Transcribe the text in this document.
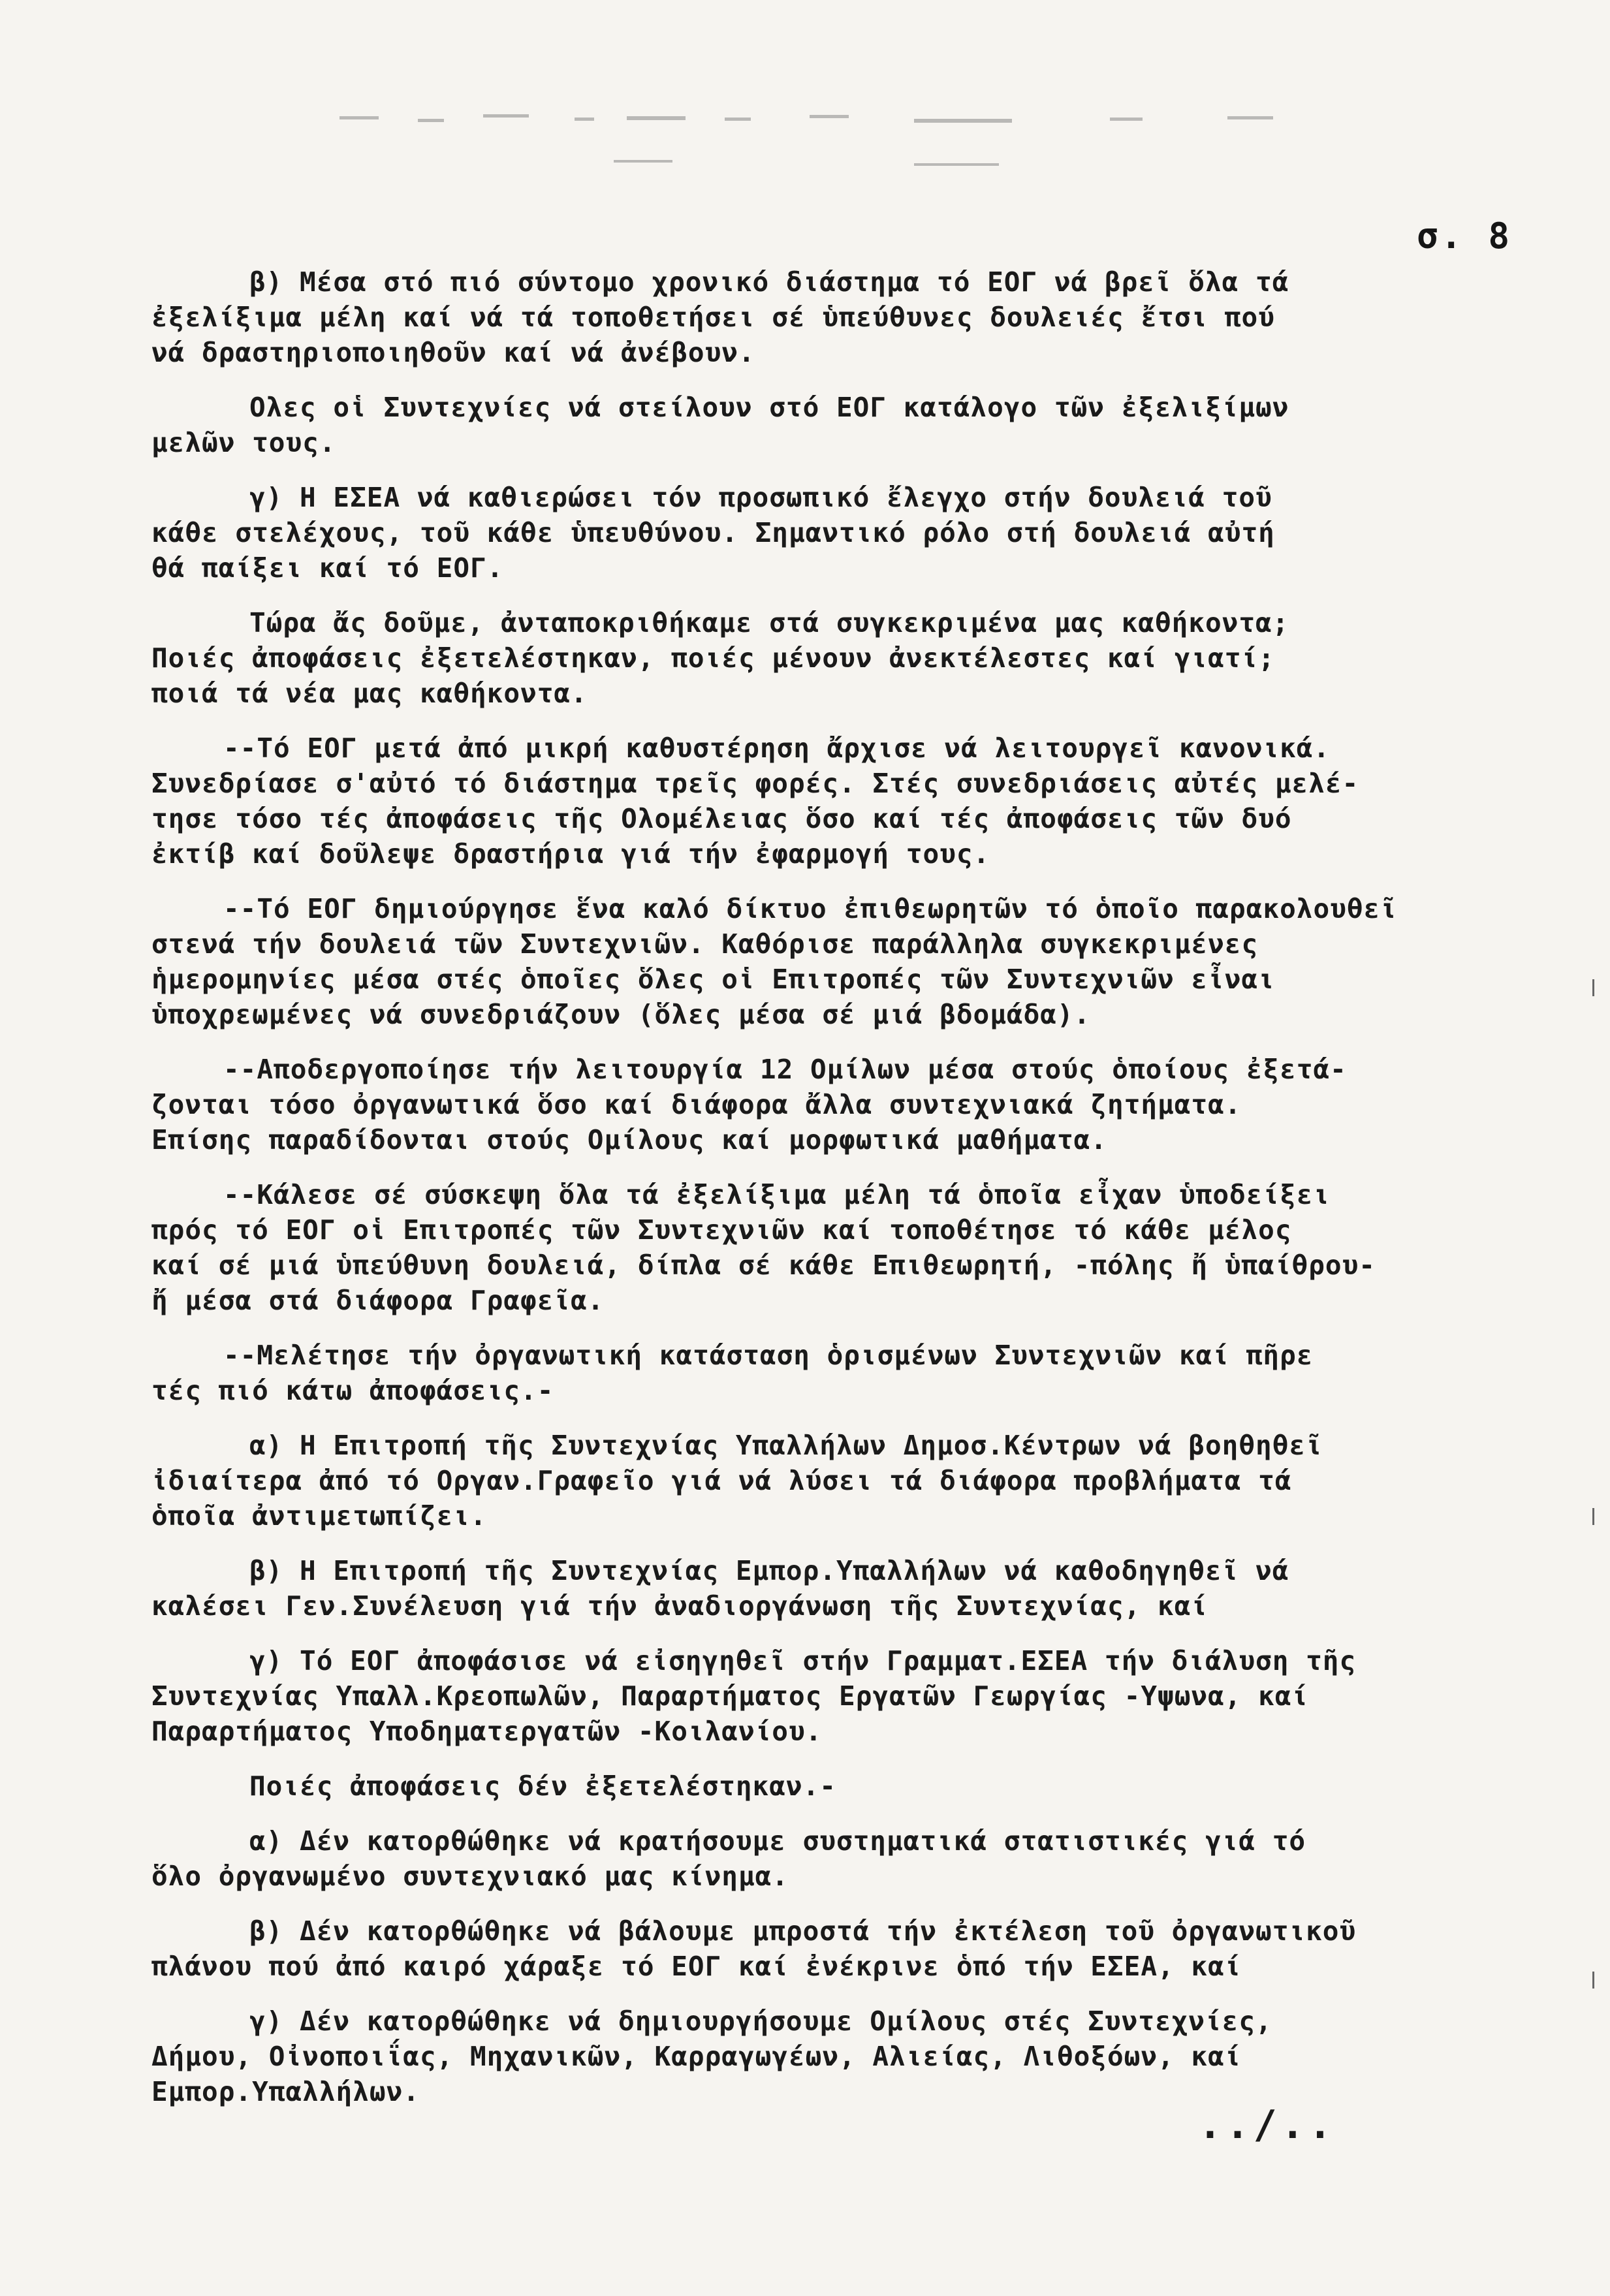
σ. 8
β) Μέσα στό πιό σύντομο χρονικό διάστημα τό ΕΟΓ νά βρεῖ ὅλα τά
ἐξελίξιμα μέλη καί νά τά τοποθετήσει σέ ὑπεύθυνες δουλειές ἔτσι πού
νά δραστηριοποιηθοῦν καί νά ἀνέβουν.
Ολες οἱ Συντεχνίες νά στείλουν στό ΕΟΓ κατάλογο τῶν ἐξελιξίμων
μελῶν τους.
γ) Η ΕΣΕΑ νά καθιερώσει τόν προσωπικό ἔλεγχο στήν δουλειά τοῦ
κάθε στελέχους, τοῦ κάθε ὑπευθύνου. Σημαντικό ρόλο στή δουλειά αὐτή
θά παίξει καί τό ΕΟΓ.
Τώρα ἄς δοῦμε, ἀνταποκριθήκαμε στά συγκεκριμένα μας καθήκοντα;
Ποιές ἀποφάσεις ἐξετελέστηκαν, ποιές μένουν ἀνεκτέλεστες καί γιατί;
ποιά τά νέα μας καθήκοντα.
--Τό ΕΟΓ μετά ἀπό μικρή καθυστέρηση ἄρχισε νά λειτουργεῖ κανονικά.
Συνεδρίασε σ'αὐτό τό διάστημα τρεῖς φορές. Στές συνεδριάσεις αὐτές μελέ-
τησε τόσο τές ἀποφάσεις τῆς Ολομέλειας ὅσο καί τές ἀποφάσεις τῶν δυό
ἐκτίβ καί δοῦλεψε δραστήρια γιά τήν ἐφαρμογή τους.
--Τό ΕΟΓ δημιούργησε ἕνα καλό δίκτυο ἐπιθεωρητῶν τό ὁποῖο παρακολουθεῖ
στενά τήν δουλειά τῶν Συντεχνιῶν. Καθόρισε παράλληλα συγκεκριμένες
ἡμερομηνίες μέσα στές ὁποῖες ὅλες οἱ Επιτροπές τῶν Συντεχνιῶν εἶναι
ὑποχρεωμένες νά συνεδριάζουν (ὅλες μέσα σέ μιά βδομάδα).
--Αποδεργοποίησε τήν λειτουργία 12 Ομίλων μέσα στούς ὁποίους ἐξετά-
ζονται τόσο ὀργανωτικά ὅσο καί διάφορα ἄλλα συντεχνιακά ζητήματα.
Επίσης παραδίδονται στούς Ομίλους καί μορφωτικά μαθήματα.
--Κάλεσε σέ σύσκεψη ὅλα τά ἐξελίξιμα μέλη τά ὁποῖα εἶχαν ὑποδείξει
πρός τό ΕΟΓ οἱ Επιτροπές τῶν Συντεχνιῶν καί τοποθέτησε τό κάθε μέλος
καί σέ μιά ὑπεύθυνη δουλειά, δίπλα σέ κάθε Επιθεωρητή, -πόλης ἤ ὑπαίθρου-
ἤ μέσα στά διάφορα Γραφεῖα.
--Μελέτησε τήν ὀργανωτική κατάσταση ὁρισμένων Συντεχνιῶν καί πῆρε
τές πιό κάτω ἀποφάσεις.-
α) Η Επιτροπή τῆς Συντεχνίας Υπαλλήλων Δημοσ.Κέντρων νά βοηθηθεῖ
ἰδιαίτερα ἀπό τό Οργαν.Γραφεῖο γιά νά λύσει τά διάφορα προβλήματα τά
ὁποῖα ἀντιμετωπίζει.
β) Η Επιτροπή τῆς Συντεχνίας Εμπορ.Υπαλλήλων νά καθοδηγηθεῖ νά
καλέσει Γεν.Συνέλευση γιά τήν ἀναδιοργάνωση τῆς Συντεχνίας, καί
γ) Τό ΕΟΓ ἀποφάσισε νά εἰσηγηθεῖ στήν Γραμματ.ΕΣΕΑ τήν διάλυση τῆς
Συντεχνίας Υπαλλ.Κρεοπωλῶν, Παραρτήματος Εργατῶν Γεωργίας -Υψωνα, καί
Παραρτήματος Υποδηματεργατῶν -Κοιλανίου.
Ποιές ἀποφάσεις δέν ἐξετελέστηκαν.-
α) Δέν κατορθώθηκε νά κρατήσουμε συστηματικά στατιστικές γιά τό
ὅλο ὀργανωμένο συντεχνιακό μας κίνημα.
β) Δέν κατορθώθηκε νά βάλουμε μπροστά τήν ἐκτέλεση τοῦ ὀργανωτικοῦ
πλάνου πού ἀπό καιρό χάραξε τό ΕΟΓ καί ἐνέκρινε ὁπό τήν ΕΣΕΑ, καί
γ) Δέν κατορθώθηκε νά δημιουργήσουμε Ομίλους στές Συντεχνίες,
Δήμου, Οἰνοποιΐας, Μηχανικῶν, Καρραγωγέων, Αλιείας, Λιθοξόων, καί
Εμπορ.Υπαλλήλων.
../..
